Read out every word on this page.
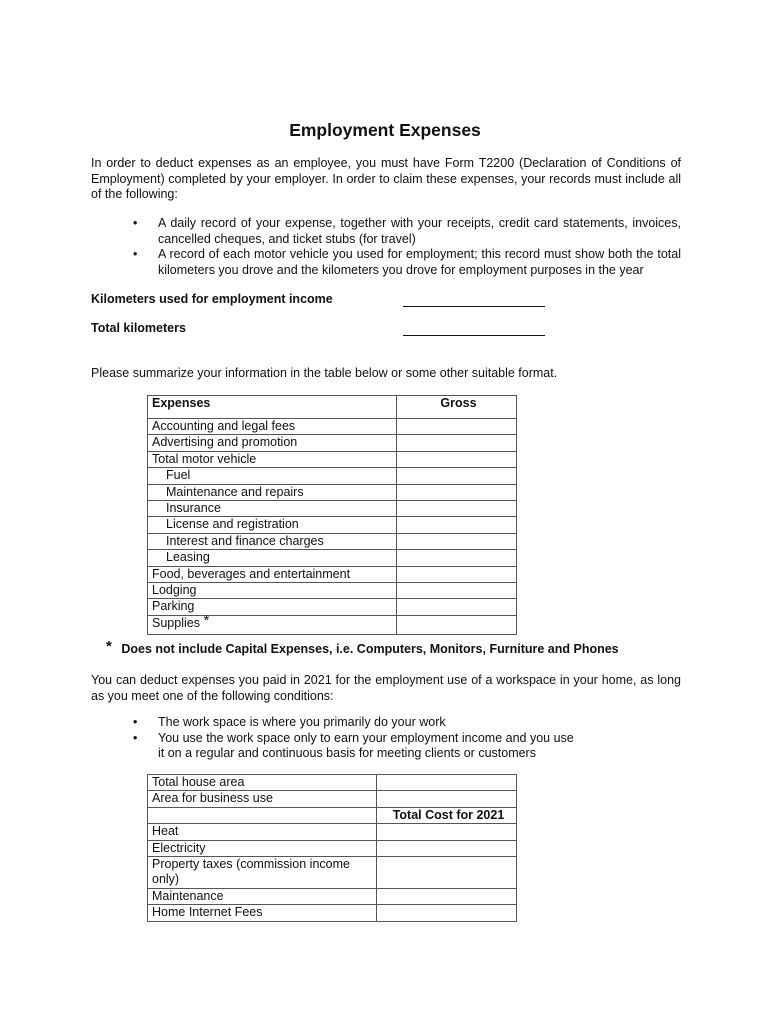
Employment Expenses
In order to deduct expenses as an employee, you must have Form T2200 (Declaration of Conditions of Employment) completed by your employer. In order to claim these expenses, your records must include all of the following:
• A daily record of your expense, together with your receipts, credit card statements, invoices, cancelled cheques, and ticket stubs (for travel)
• A record of each motor vehicle you used for employment; this record must show both the total kilometers you drove and the kilometers you drove for employment purposes in the year
Kilometers used for employment income
Total kilometers
Please summarize your information in the table below or some other suitable format.
Expenses	Gross
Accounting and legal fees	
Advertising and promotion	
Total motor vehicle	
Fuel	
Maintenance and repairs	
Insurance	
License and registration	
Interest and finance charges	
Leasing	
Food, beverages and entertainment	
Lodging	
Parking	
Supplies *	
* Does not include Capital Expenses, i.e. Computers, Monitors, Furniture and Phones
You can deduct expenses you paid in 2021 for the employment use of a workspace in your home, as long as you meet one of the following conditions:
• The work space is where you primarily do your work
• You use the work space only to earn your employment income and you use it on a regular and continuous basis for meeting clients or customers
Total house area	
Area for business use	
	Total Cost for 2021
Heat	
Electricity	
Property taxes (commission income only)	
Maintenance	
Home Internet Fees	
